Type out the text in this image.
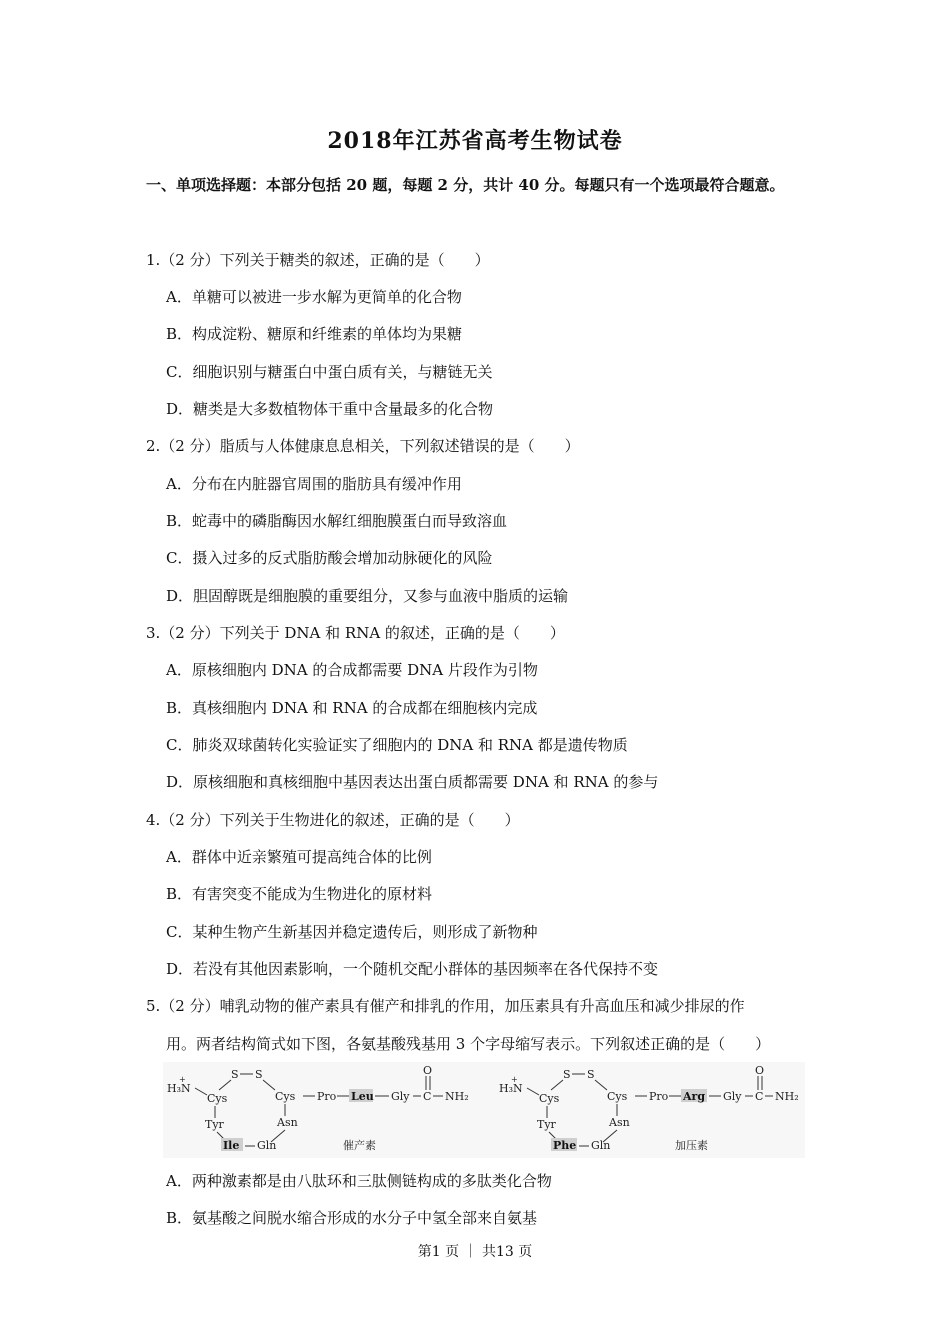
2018年江苏省高考生物试卷
一、单项选择题：本部分包括 20 题，每题 2 分，共计 40 分。每题只有一个选项最符合题意。
1.（2 分）下列关于糖类的叙述，正确的是（　　）
A．单糖可以被进一步水解为更简单的化合物
B．构成淀粉、糖原和纤维素的单体均为果糖
C．细胞识别与糖蛋白中蛋白质有关，与糖链无关
D．糖类是大多数植物体干重中含量最多的化合物
2.（2 分）脂质与人体健康息息相关，下列叙述错误的是（　　）
A．分布在内脏器官周围的脂肪具有缓冲作用
B．蛇毒中的磷脂酶因水解红细胞膜蛋白而导致溶血
C．摄入过多的反式脂肪酸会增加动脉硬化的风险
D．胆固醇既是细胞膜的重要组分，又参与血液中脂质的运输
3.（2 分）下列关于 DNA 和 RNA 的叙述，正确的是（　　）
A．原核细胞内 DNA 的合成都需要 DNA 片段作为引物
B．真核细胞内 DNA 和 RNA 的合成都在细胞核内完成
C．肺炎双球菌转化实验证实了细胞内的 DNA 和 RNA 都是遗传物质
D．原核细胞和真核细胞中基因表达出蛋白质都需要 DNA 和 RNA 的参与
4.（2 分）下列关于生物进化的叙述，正确的是（　　）
A．群体中近亲繁殖可提高纯合体的比例
B．有害突变不能成为生物进化的原材料
C．某种生物产生新基因并稳定遗传后，则形成了新物种
D．若没有其他因素影响，一个随机交配小群体的基因频率在各代保持不变
5.（2 分）哺乳动物的催产素具有催产和排乳的作用，加压素具有升高血压和减少排尿的作
用。两者结构简式如下图，各氨基酸残基用 3 个字母缩写表示。下列叙述正确的是（　　）
H₃N
+	S S
Cys	Cys
Tyr	Asn
Ile Gln
Pro Leu Gly C
O
NH₂
催产素
H₃N
+	S S
Cys	Cys
Tyr	Asn
Phe Gln
Pro Arg Gly C
O
NH₂
加压素
A．两种激素都是由八肽环和三肽侧链构成的多肽类化合物
B．氨基酸之间脱水缩合形成的水分子中氢全部来自氨基
第1 页 ｜ 共13 页
